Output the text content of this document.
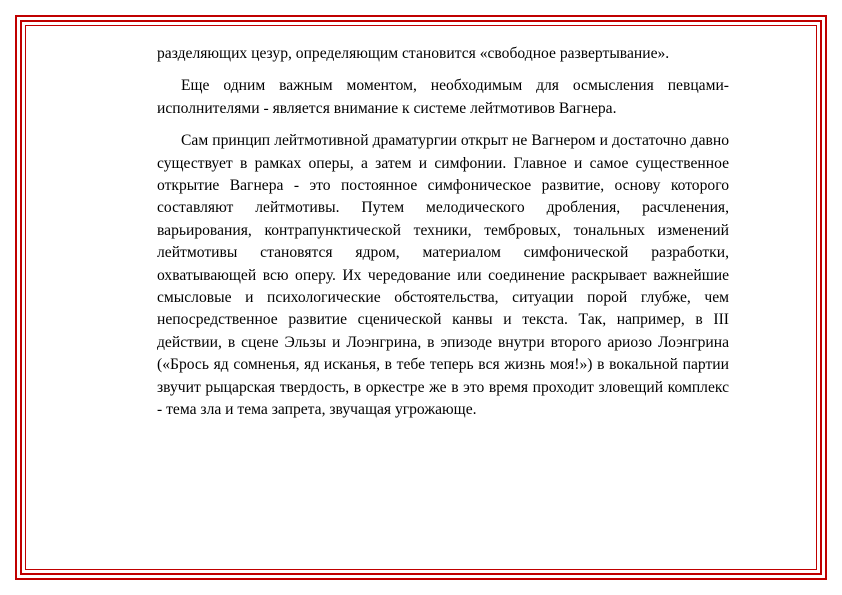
разделяющих цезур, определяющим становится «свободное развертывание».

Еще одним важным моментом, необходимым для осмысления певцами-исполнителями - является внимание к системе лейтмотивов Вагнера.

Сам принцип лейтмотивной драматургии открыт не Вагнером и достаточно давно существует в рамках оперы, а затем и симфонии. Главное и самое существенное открытие Вагнера - это постоянное симфоническое развитие, основу которого составляют лейтмотивы. Путем мелодического дробления, расчленения, варьирования, контрапунктической техники, тембровых, тональных изменений лейтмотивы становятся ядром, материалом симфонической разработки, охватывающей всю оперу. Их чередование или соединение раскрывает важнейшие смысловые и психологические обстоятельства, ситуации порой глубже, чем непосредственное развитие сценической канвы и текста. Так, например, в III действии, в сцене Эльзы и Лоэнгрина, в эпизоде внутри второго ариозо Лоэнгрина («Брось яд сомненья, яд исканья, в тебе теперь вся жизнь моя!») в вокальной партии звучит рыцарская твердость, в оркестре же в это время проходит зловещий комплекс - тема зла и тема запрета, звучащая угрожающе.
